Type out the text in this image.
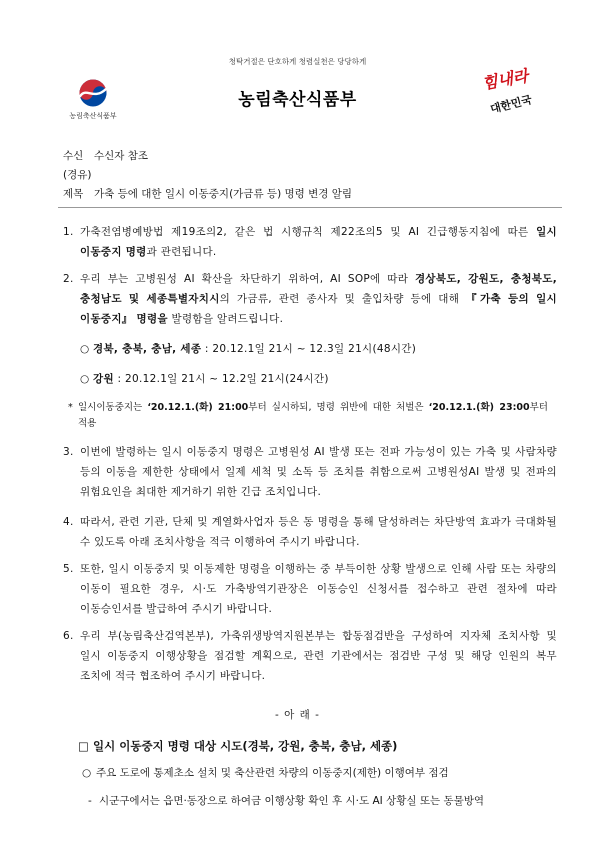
청탁거절은 단호하게 청렴실천은 당당하게
농림축산식품부
농림축산식품부
힘내라
대한민국
수신 수신자 참조
(경유)
제목 가축 등에 대한 일시 이동중지(가금류 등) 명령 변경 알림
1. 가축전염병예방법 제19조의2, 같은 법 시행규칙 제22조의5 및 AI 긴급행동지침에 따른 일시 이동중지 명령과 관련됩니다.
2. 우리 부는 고병원성 AI 확산을 차단하기 위하여, AI SOP에 따라 경상북도, 강원도, 충청북도, 충청남도 및 세종특별자치시의 가금류, 관련 종사자 및 출입차량 등에 대해 『가축 등의 일시 이동중지』 명령을 발령함을 알려드립니다.
○ 경북, 충북, 충남, 세종 : 20.12.1일 21시 ~ 12.3일 21시(48시간)
○ 강원 : 20.12.1일 21시 ~ 12.2일 21시(24시간)
* 일시이동중지는 ‘20.12.1.(화) 21:00부터 실시하되, 명령 위반에 대한 처벌은 ‘20.12.1.(화) 23:00부터 적용
3. 이번에 발령하는 일시 이동중지 명령은 고병원성 AI 발생 또는 전파 가능성이 있는 가축 및 사람차량 등의 이동을 제한한 상태에서 일제 세척 및 소독 등 조치를 취함으로써 고병원성AI 발생 및 전파의 위험요인을 최대한 제거하기 위한 긴급 조치입니다.
4. 따라서, 관련 기관, 단체 및 계열화사업자 등은 동 명령을 통해 달성하려는 차단방역 효과가 극대화될 수 있도록 아래 조치사항을 적극 이행하여 주시기 바랍니다.
5. 또한, 일시 이동중지 및 이동제한 명령을 이행하는 중 부득이한 상황 발생으로 인해 사람 또는 차량의 이동이 필요한 경우, 시·도 가축방역기관장은 이동승인 신청서를 접수하고 관련 절차에 따라 이동승인서를 발급하여 주시기 바랍니다.
6. 우리 부(농림축산검역본부), 가축위생방역지원본부는 합동점검반을 구성하여 지자체 조치사항 및 일시 이동중지 이행상황을 점검할 계획으로, 관련 기관에서는 점검반 구성 및 해당 인원의 복무 조치에 적극 협조하여 주시기 바랍니다.
- 아 래 -
□ 일시 이동중지 명령 대상 시도(경북, 강원, 충북, 충남, 세종)
○ 주요 도로에 통제초소 설치 및 축산관련 차량의 이동중지(제한) 이행여부 점검
- 시군구에서는 읍면·동장으로 하여금 이행상황 확인 후 시·도 AI 상황실 또는 동물방역
